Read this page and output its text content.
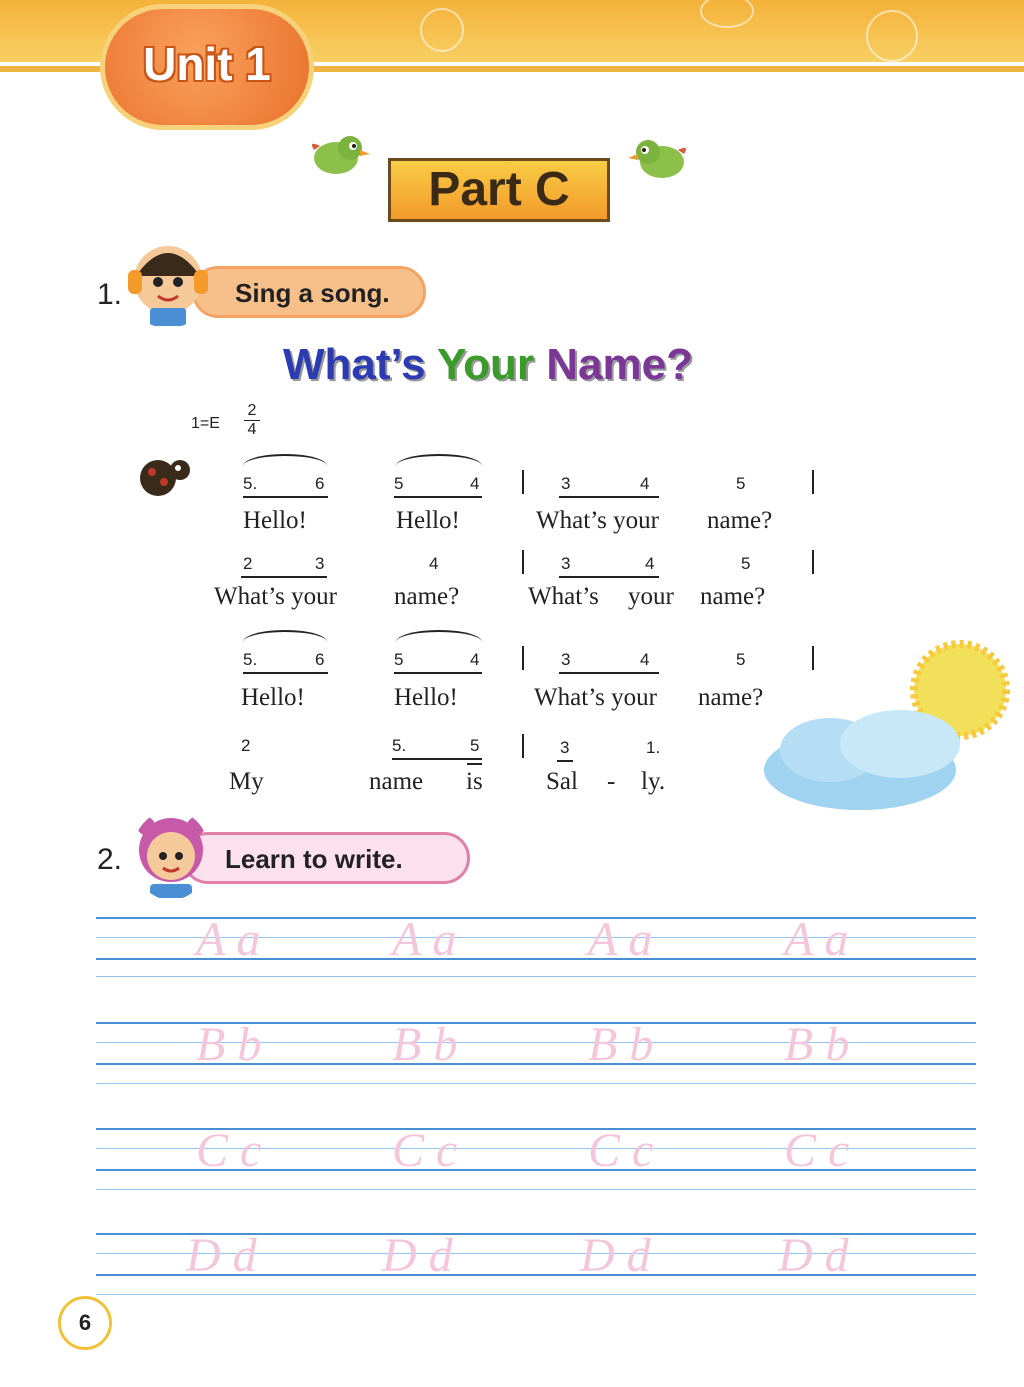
Unit 1
Part C
1.	Sing a song.
What’s Your Name?
$1=E \frac{2}{4}$
5.	6	5	4	3	4	5
Hello!	Hello!	What’s your name?
2	3	4	3	4	5
What’s your name?	What’s your name?
5.	6	5	4	3	4	5
Hello!	Hello!	What’s your name?
2	5.	5	3	1.
My	name is	Sal - ly.
2.	Learn to write.
A a	A a	A a	A a
B b	B b	B b	B b
C c	C c	C c	C c
D d	D d	D d	D d
6
